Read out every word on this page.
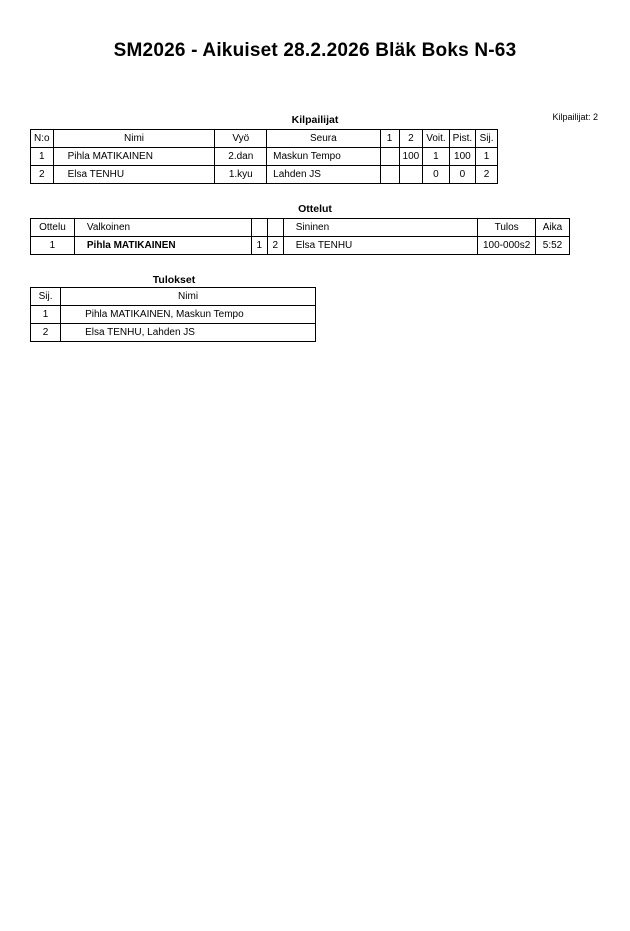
SM2026 - Aikuiset 28.2.2026 Bläk Boks N-63
Kilpailijat: 2
Kilpailijat
N:o	Nimi	Vyö	Seura	1	2	Voit.	Pist.	Sij.
1	Pihla MATIKAINEN	2.dan	Maskun Tempo		100	1	100	1
2	Elsa TENHU	1.kyu	Lahden JS			0	0	2
Ottelut
Ottelu	Valkoinen			Sininen	Tulos	Aika
1	Pihla MATIKAINEN	1	2	Elsa TENHU	100-000s2	5:52
Tulokset
Sij.	Nimi
1	Pihla MATIKAINEN, Maskun Tempo
2	Elsa TENHU, Lahden JS
